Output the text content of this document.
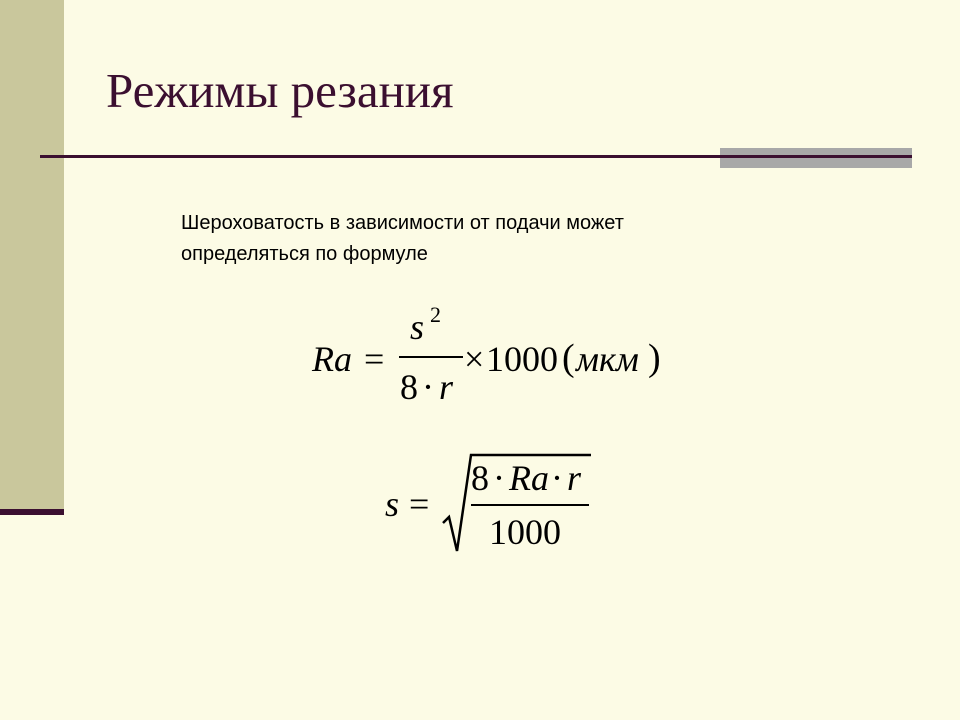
Режимы резания

Шероховатость в зависимости от подачи может
определяться по формуле

Ra =
s 2
8 · r
× 1000 ( мкм )
s =
8 · Ra · r
1000
